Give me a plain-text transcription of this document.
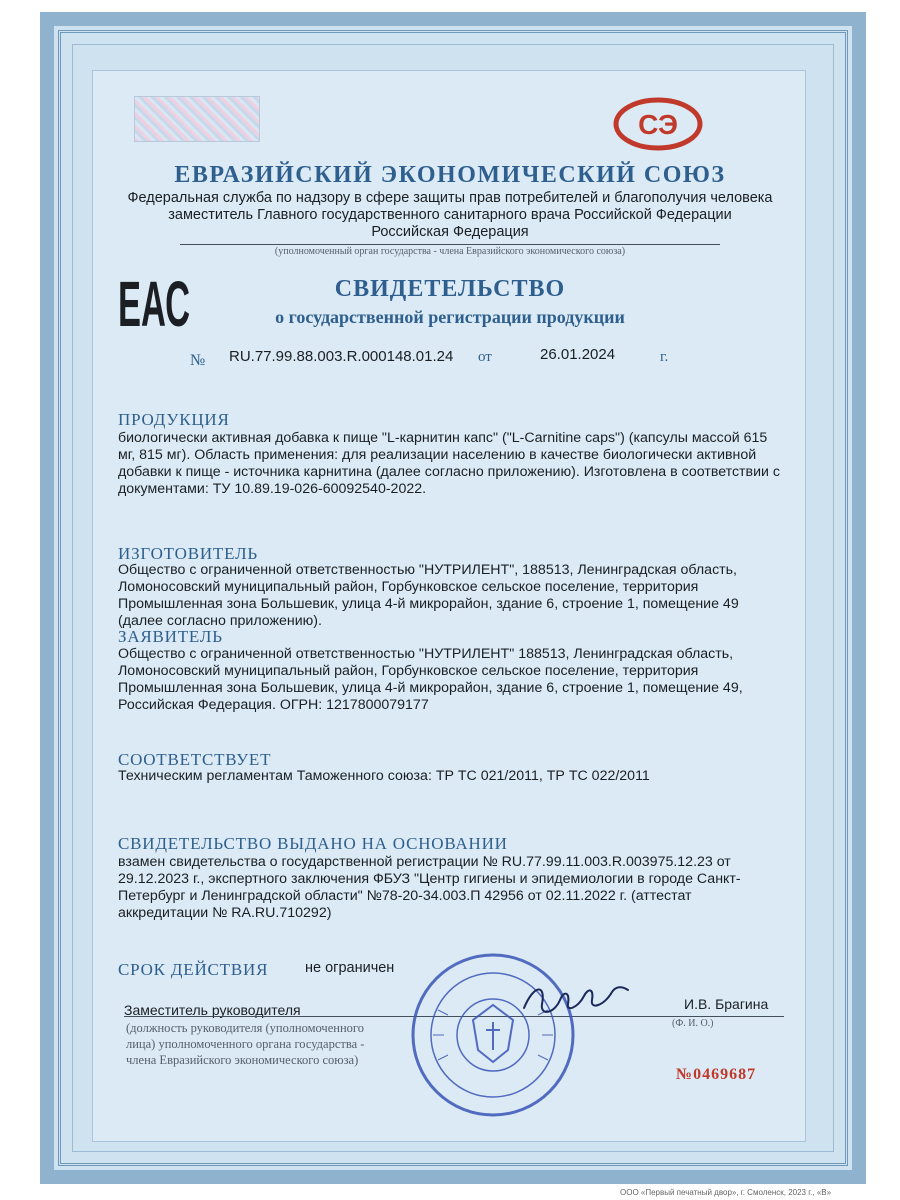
СЭ
ЕВРАЗИЙСКИЙ ЭКОНОМИЧЕСКИЙ СОЮЗ
Федеральная служба по надзору в сфере защиты прав потребителей и благополучия человека
заместитель Главного государственного санитарного врача Российской Федерации
Российская Федерация
(уполномоченный орган государства - члена Евразийского экономического союза)
ЕАС	СВИДЕТЕЛЬСТВО
о государственной регистрации продукции
№ RU.77.99.88.003.R.000148.01.24 от	26.01.2024	г.
ПРОДУКЦИЯ
биологически активная добавка к пище "L-карнитин капс" ("L-Carnitine caps") (капсулы массой 615
мг, 815 мг). Область применения: для реализации населению в качестве биологически активной
добавки к пище - источника карнитина (далее согласно приложению). Изготовлена в соответствии с
документами: ТУ 10.89.19-026-60092540-2022.
ИЗГОТОВИТЕЛЬ
Общество с ограниченной ответственностью "НУТРИЛЕНТ", 188513, Ленинградская область,
Ломоносовский муниципальный район, Горбунковское сельское поселение, территория
Промышленная зона Большевик, улица 4-й микрорайон, здание 6, строение 1, помещение 49
(далее согласно приложению).
ЗАЯВИТЕЛЬ
Общество с ограниченной ответственностью "НУТРИЛЕНТ" 188513, Ленинградская область,
Ломоносовский муниципальный район, Горбунковское сельское поселение, территория
Промышленная зона Большевик, улица 4-й микрорайон, здание 6, строение 1, помещение 49,
Российская Федерация. ОГРН: 1217800079177
СООТВЕТСТВУЕТ
Техническим регламентам Таможенного союза: ТР ТС 021/2011, ТР ТС 022/2011
СВИДЕТЕЛЬСТВО ВЫДАНО НА ОСНОВАНИИ
взамен свидетельства о государственной регистрации № RU.77.99.11.003.R.003975.12.23 от
29.12.2023 г., экспертного заключения ФБУЗ "Центр гигиены и эпидемиологии в городе Санкт-
Петербург и Ленинградской области" №78-20-34.003.П 42956 от 02.11.2022 г. (аттестат
аккредитации № RA.RU.710292)
СРОК ДЕЙСТВИЯ	не ограничен
Заместитель руководителя	И.В. Брагина
(Ф. И. О.)
(должность руководителя (уполномоченного
лица) уполномоченного органа государства -
члена Евразийского экономического союза)
№0469687
ООО «Первый печатный двор», г. Смоленск, 2023 г., «В»
